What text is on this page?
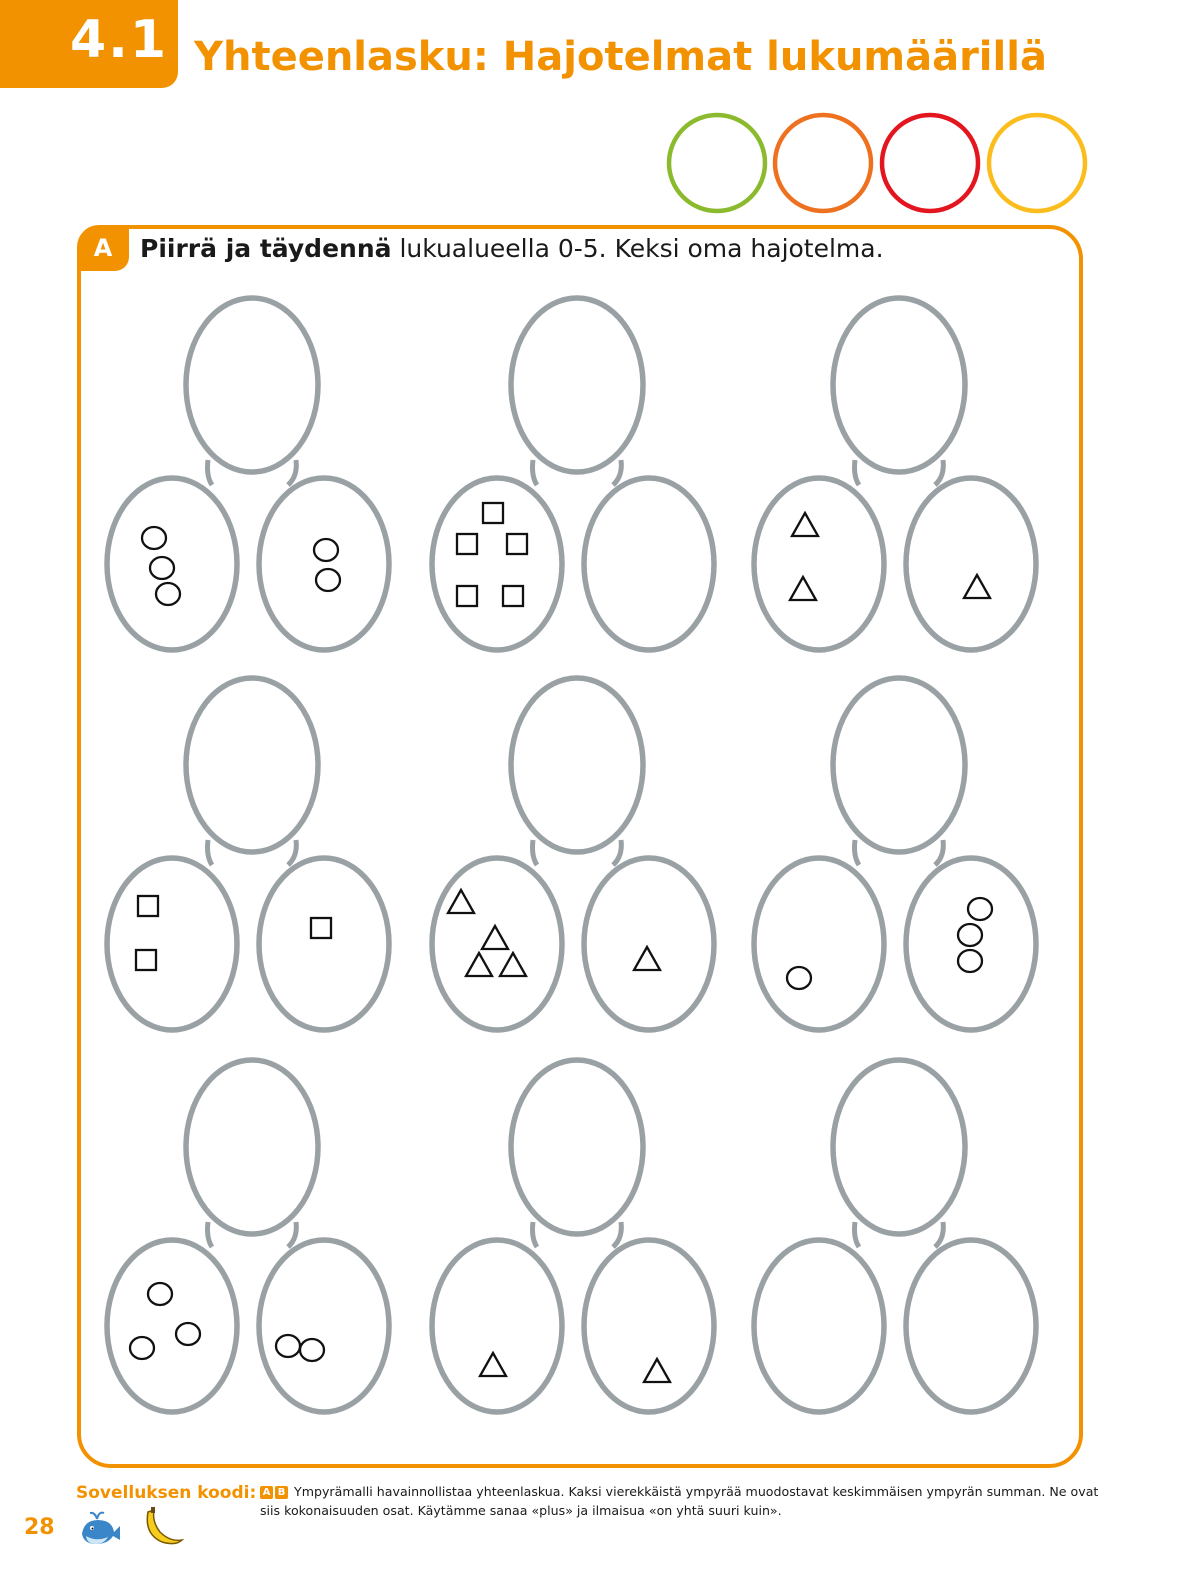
4.1 Yhteenlasku: Hajotelmat lukumäärillä
A	Piirrä ja täydennä lukualueella 0-5. Keksi oma hajotelma.
Sovelluksen koodi:
28
A B Ympyrämalli havainnollistaa yhteenlaskua. Kaksi vierekkäistä ympyrää muodostavat keskimmäisen ympyrän summan. Ne ovat siis kokonaisuuden osat. Käytämme sanaa «plus» ja ilmaisua «on yhtä suuri kuin».
